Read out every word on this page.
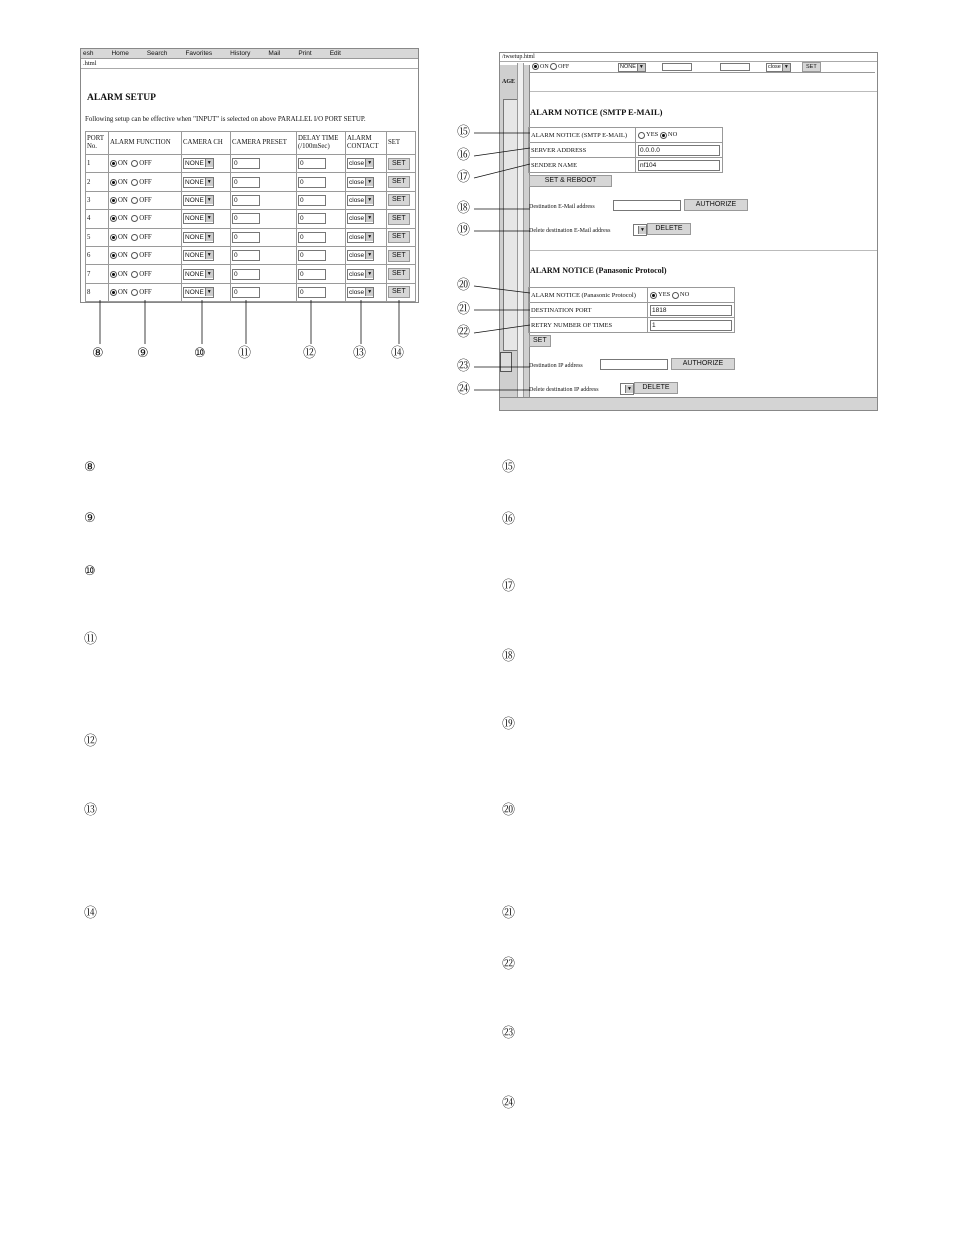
esh	Home	Search	Favorites	History	Mail	Print	Edit
.html
ALARM SETUP
Following setup can be effective when "INPUT" is selected on above PARALLEL I/O PORT SETUP.
PORT No.	ALARM FUNCTION	CAMERA CH	CAMERA PRESET	DELAY TIME (/100mSec)	ALARM CONTACT	SET
1	ON OFF	NONE ▼	0	0	close ▼	SET
2	ON OFF	NONE ▼	0	0	close ▼	SET
3	ON OFF	NONE ▼	0	0	close ▼	SET
4	ON OFF	NONE ▼	0	0	close ▼	SET
5	ON OFF	NONE ▼	0	0	close ▼	SET
6	ON OFF	NONE ▼	0	0	close ▼	SET
7	ON OFF	NONE ▼	0	0	close ▼	SET
8	ON OFF	NONE ▼	0	0	close ▼	SET
/twsetup.html
AGE
ON OFF	NONE ▼	close ▼	SET
ALARM NOTICE (SMTP E-MAIL)
ALARM NOTICE (SMTP E-MAIL)	YES NO
SERVER ADDRESS	0.0.0.0
SENDER NAME	nf104
SET & REBOOT
Destination E-Mail address	AUTHORIZE
Delete destination E-Mail address	▼	DELETE
ALARM NOTICE (Panasonic Protocol)
ALARM NOTICE (Panasonic Protocol)	YES NO
DESTINATION PORT	1818
RETRY NUMBER OF TIMES	1
SET
Destination IP address	AUTHORIZE
Delete destination IP address	▼	DELETE
⑧	⑨	⑩ ⑪	⑫	⑬ ⑭
⑮
⑯
⑰
⑱
⑲
⑳
㉑
㉒
㉓
㉔
⑧
⑨
⑩
⑪
⑫
⑬
⑭
⑮
⑯
⑰
⑱
⑲
⑳
㉑
㉒
㉓
㉔
